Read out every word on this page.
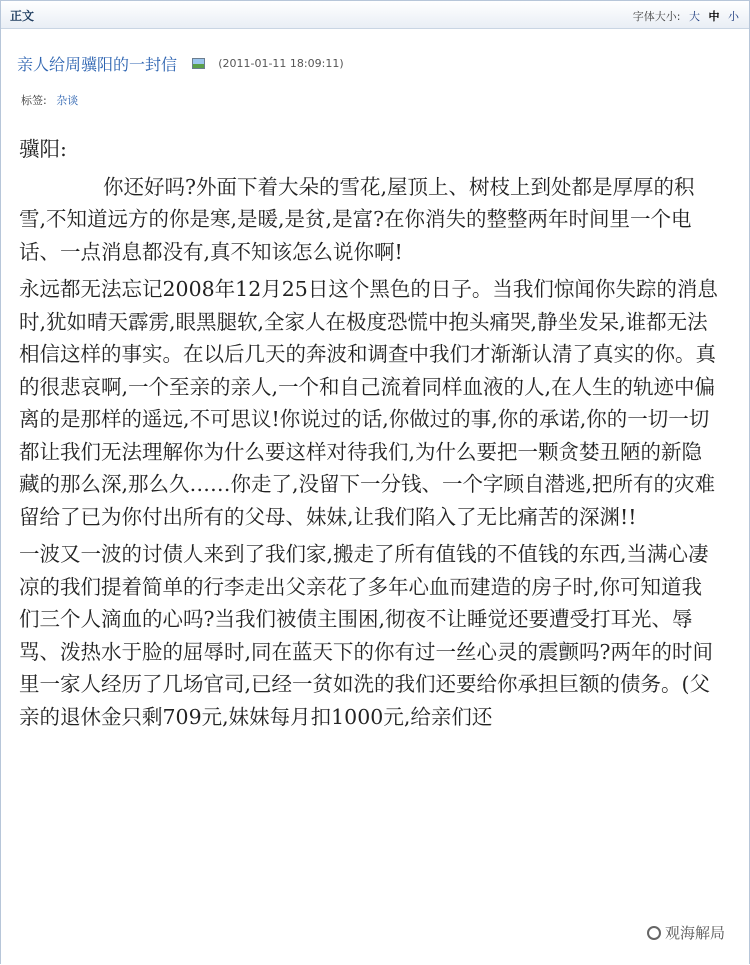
正文	字体大小: 大 中 小
亲人给周骥阳的一封信	(2011-01-11 18:09:11)
标签: 杂谈

骥阳:

你还好吗?外面下着大朵的雪花,屋顶上、树枝上到处都是厚厚的积雪,不知道远方的你是寒,是暖,是贫,是富?在你消失的整整两年时间里一个电话、一点消息都没有,真不知该怎么说你啊!

永远都无法忘记2008年12月25日这个黑色的日子。当我们惊闻你失踪的消息时,犹如晴天霹雳,眼黑腿软,全家人在极度恐慌中抱头痛哭,静坐发呆,谁都无法相信这样的事实。在以后几天的奔波和调查中我们才渐渐认清了真实的你。真的很悲哀啊,一个至亲的亲人,一个和自己流着同样血液的人,在人生的轨迹中偏离的是那样的遥远,不可思议!你说过的话,你做过的事,你的承诺,你的一切一切都让我们无法理解你为什么要这样对待我们,为什么要把一颗贪婪丑陋的新隐藏的那么深,那么久……你走了,没留下一分钱、一个字顾自潜逃,把所有的灾难留给了已为你付出所有的父母、妹妹,让我们陷入了无比痛苦的深渊!!

一波又一波的讨债人来到了我们家,搬走了所有值钱的不值钱的东西,当满心凄凉的我们提着简单的行李走出父亲花了多年心血而建造的房子时,你可知道我们三个人滴血的心吗?当我们被债主围困,彻夜不让睡觉还要遭受打耳光、辱骂、泼热水于脸的屈辱时,同在蓝天下的你有过一丝心灵的震颤吗?两年的时间里一家人经历了几场官司,已经一贫如洗的我们还要给你承担巨额的债务。(父亲的退休金只剩709元,妹妹每月扣1000元,给亲们还

观海解局
